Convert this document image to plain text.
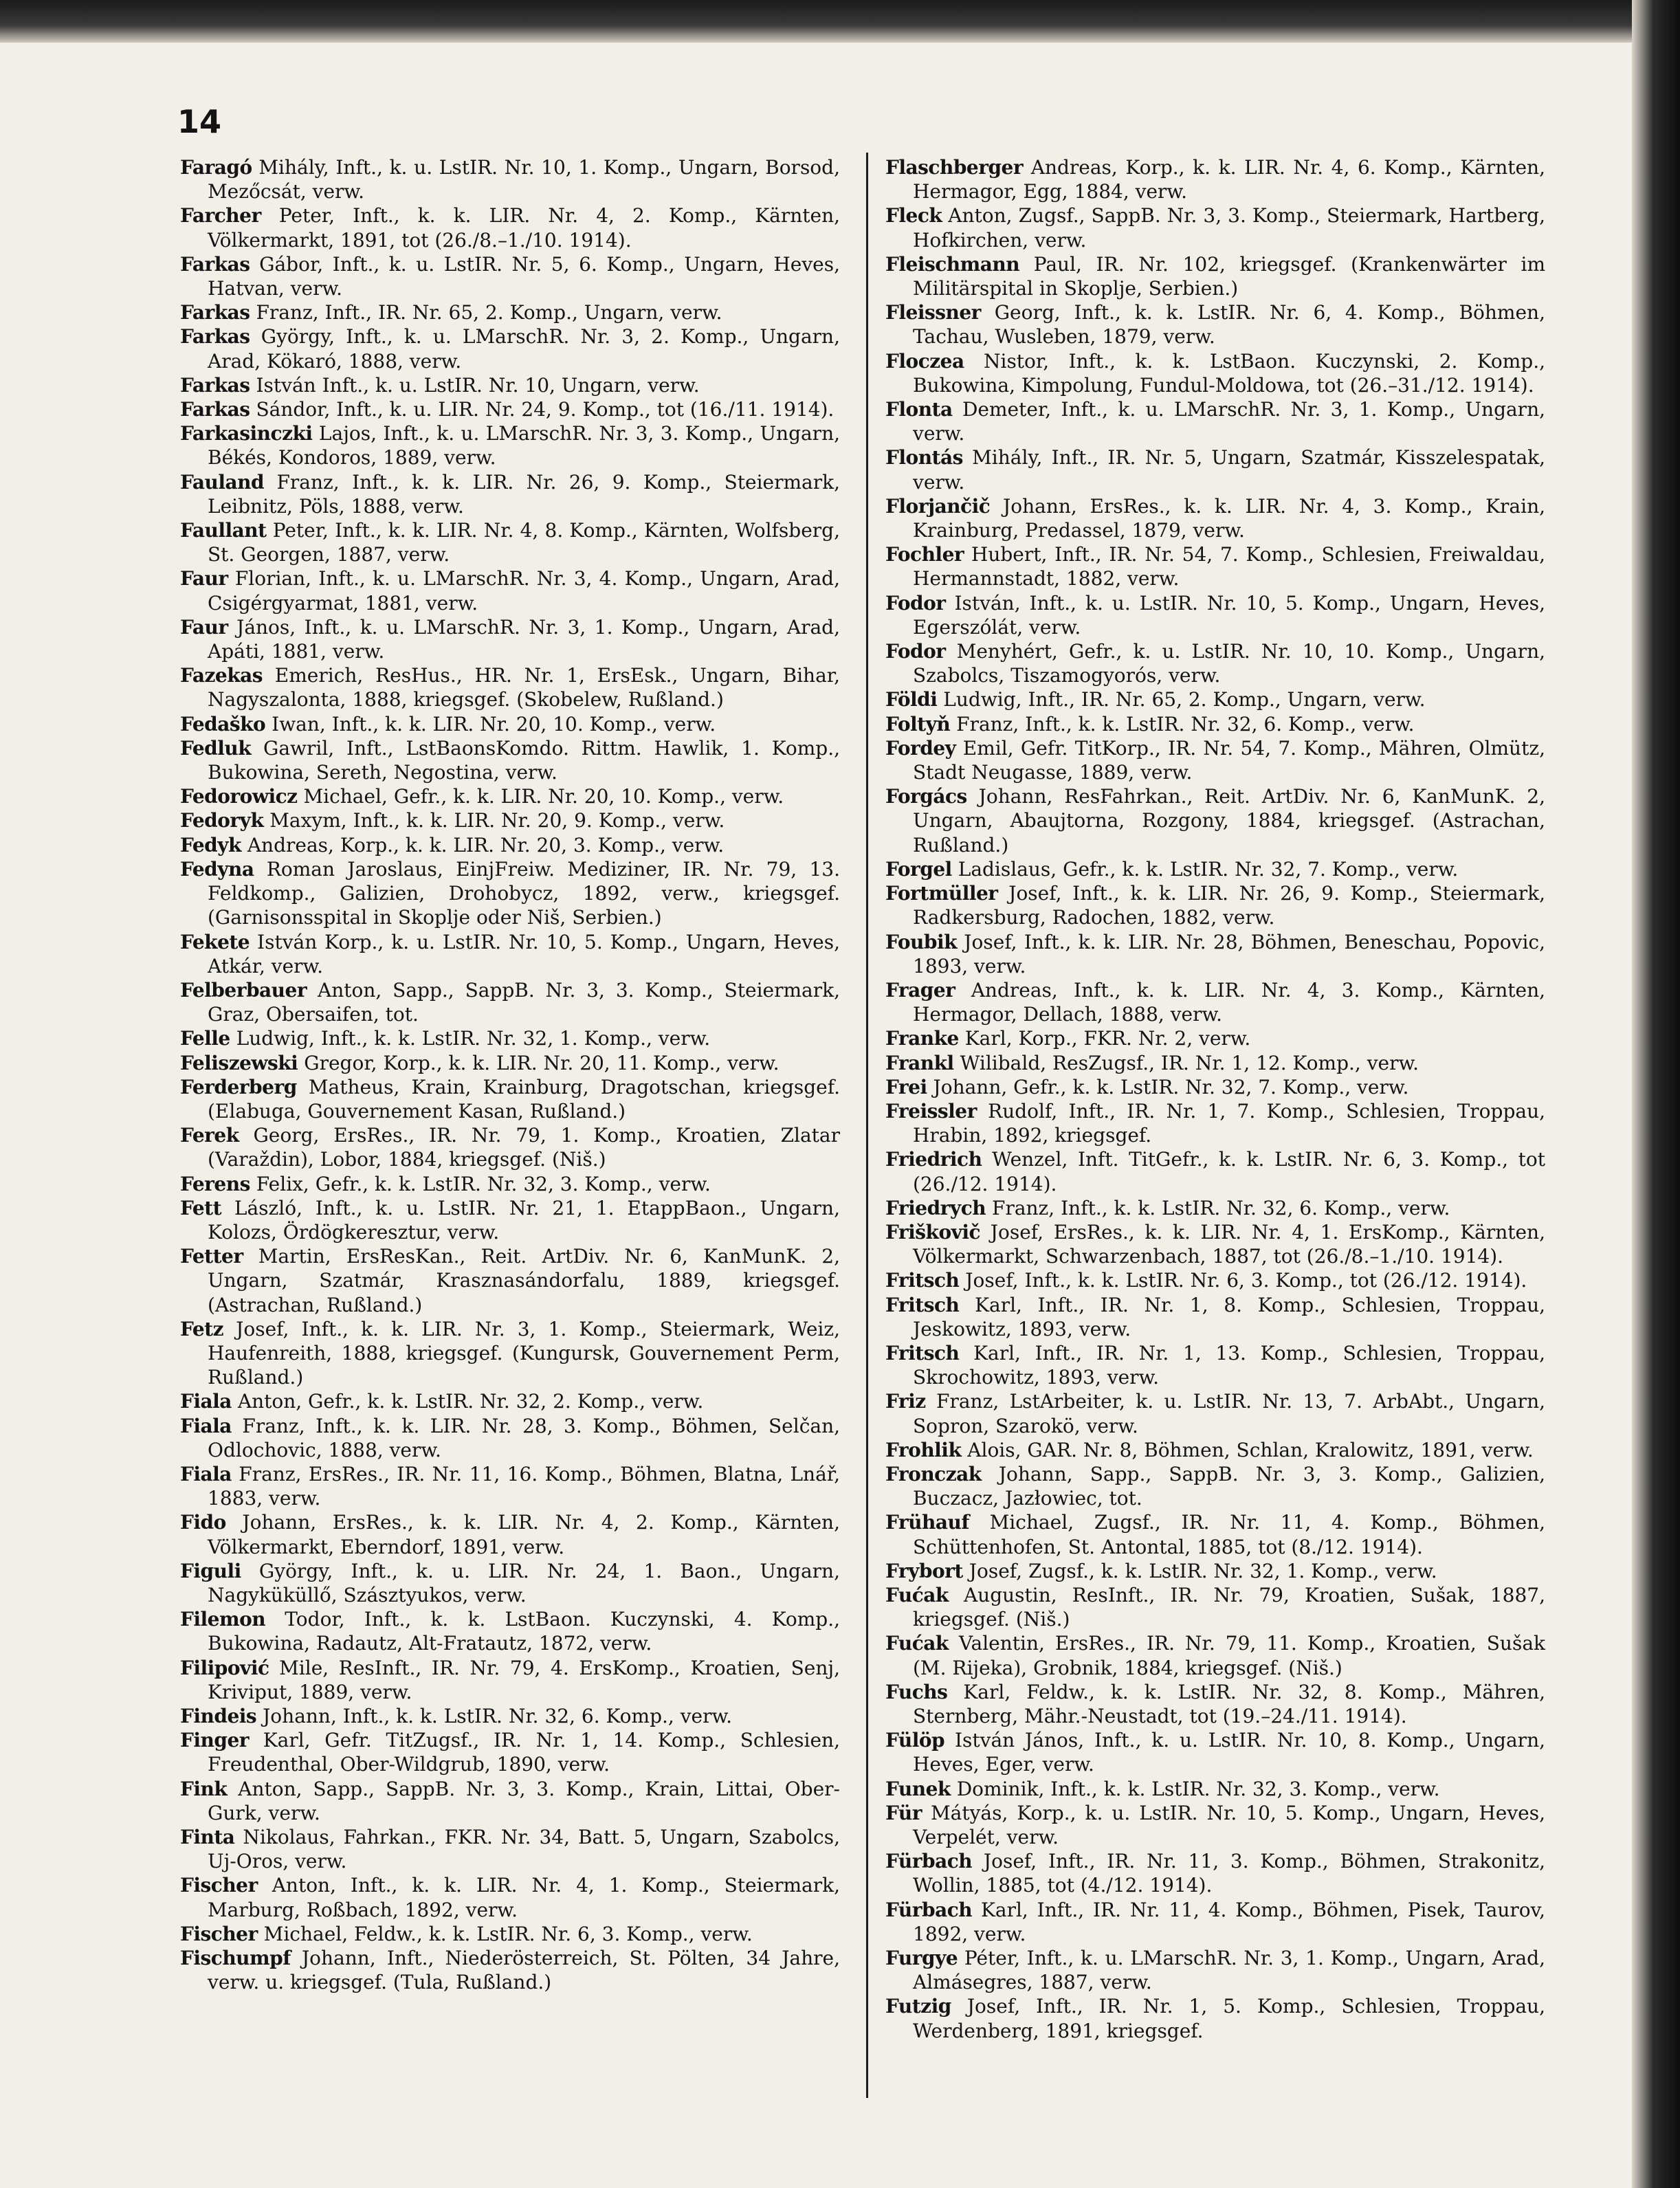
14

Faragó Mihály, Inft., k. u. LstIR. Nr. 10, 1. Komp., Ungarn, Borsod, Mezőcsát, verw.

Farcher Peter, Inft., k. k. LIR. Nr. 4, 2. Komp., Kärnten, Völkermarkt, 1891, tot (26./8.–1./10. 1914).

Farkas Gábor, Inft., k. u. LstIR. Nr. 5, 6. Komp., Ungarn, Heves, Hatvan, verw.

Farkas Franz, Inft., IR. Nr. 65, 2. Komp., Ungarn, verw.

Farkas György, Inft., k. u. LMarschR. Nr. 3, 2. Komp., Ungarn, Arad, Kökaró, 1888, verw.

Farkas István Inft., k. u. LstIR. Nr. 10, Ungarn, verw.

Farkas Sándor, Inft., k. u. LIR. Nr. 24, 9. Komp., tot (16./11. 1914).

Farkasinczki Lajos, Inft., k. u. LMarschR. Nr. 3, 3. Komp., Ungarn, Békés, Kondoros, 1889, verw.

Fauland Franz, Inft., k. k. LIR. Nr. 26, 9. Komp., Steiermark, Leibnitz, Pöls, 1888, verw.

Faullant Peter, Inft., k. k. LIR. Nr. 4, 8. Komp., Kärnten, Wolfsberg, St. Georgen, 1887, verw.

Faur Florian, Inft., k. u. LMarschR. Nr. 3, 4. Komp., Ungarn, Arad, Csigérgyarmat, 1881, verw.

Faur János, Inft., k. u. LMarschR. Nr. 3, 1. Komp., Ungarn, Arad, Apáti, 1881, verw.

Fazekas Emerich, ResHus., HR. Nr. 1, ErsEsk., Ungarn, Bihar, Nagyszalonta, 1888, kriegsgef. (Skobelew, Rußland.)

Fedaško Iwan, Inft., k. k. LIR. Nr. 20, 10. Komp., verw.

Fedluk Gawril, Inft., LstBaonsKomdo. Rittm. Hawlik, 1. Komp., Bukowina, Sereth, Negostina, verw.

Fedorowicz Michael, Gefr., k. k. LIR. Nr. 20, 10. Komp., verw.

Fedoryk Maxym, Inft., k. k. LIR. Nr. 20, 9. Komp., verw.

Fedyk Andreas, Korp., k. k. LIR. Nr. 20, 3. Komp., verw.

Fedyna Roman Jaroslaus, EinjFreiw. Mediziner, IR. Nr. 79, 13. Feldkomp., Galizien, Drohobycz, 1892, verw., kriegsgef. (Garnisonsspital in Skoplje oder Niš, Serbien.)

Fekete István Korp., k. u. LstIR. Nr. 10, 5. Komp., Ungarn, Heves, Atkár, verw.

Felberbauer Anton, Sapp., SappB. Nr. 3, 3. Komp., Steiermark, Graz, Obersaifen, tot.

Felle Ludwig, Inft., k. k. LstIR. Nr. 32, 1. Komp., verw.

Feliszewski Gregor, Korp., k. k. LIR. Nr. 20, 11. Komp., verw.

Ferderberg Matheus, Krain, Krainburg, Dragotschan, kriegsgef. (Elabuga, Gouvernement Kasan, Rußland.)

Ferek Georg, ErsRes., IR. Nr. 79, 1. Komp., Kroatien, Zlatar (Varaždin), Lobor, 1884, kriegsgef. (Niš.)

Ferens Felix, Gefr., k. k. LstIR. Nr. 32, 3. Komp., verw.

Fett László, Inft., k. u. LstIR. Nr. 21, 1. EtappBaon., Ungarn, Kolozs, Ördögkeresztur, verw.

Fetter Martin, ErsResKan., Reit. ArtDiv. Nr. 6, KanMunK. 2, Ungarn, Szatmár, Krasznasándorfalu, 1889, kriegsgef. (Astrachan, Rußland.)

Fetz Josef, Inft., k. k. LIR. Nr. 3, 1. Komp., Steiermark, Weiz, Haufenreith, 1888, kriegsgef. (Kungursk, Gouvernement Perm, Rußland.)

Fiala Anton, Gefr., k. k. LstIR. Nr. 32, 2. Komp., verw.

Fiala Franz, Inft., k. k. LIR. Nr. 28, 3. Komp., Böhmen, Selčan, Odlochovic, 1888, verw.

Fiala Franz, ErsRes., IR. Nr. 11, 16. Komp., Böhmen, Blatna, Lnář, 1883, verw.

Fido Johann, ErsRes., k. k. LIR. Nr. 4, 2. Komp., Kärnten, Völkermarkt, Eberndorf, 1891, verw.

Figuli György, Inft., k. u. LIR. Nr. 24, 1. Baon., Ungarn, Nagyküküllő, Szásztyukos, verw.

Filemon Todor, Inft., k. k. LstBaon. Kuczynski, 4. Komp., Bukowina, Radautz, Alt-Fratautz, 1872, verw.

Filipović Mile, ResInft., IR. Nr. 79, 4. ErsKomp., Kroatien, Senj, Kriviput, 1889, verw.

Findeis Johann, Inft., k. k. LstIR. Nr. 32, 6. Komp., verw.

Finger Karl, Gefr. TitZugsf., IR. Nr. 1, 14. Komp., Schlesien, Freudenthal, Ober-Wildgrub, 1890, verw.

Fink Anton, Sapp., SappB. Nr. 3, 3. Komp., Krain, Littai, Ober-Gurk, verw.

Finta Nikolaus, Fahrkan., FKR. Nr. 34, Batt. 5, Ungarn, Szabolcs, Uj-Oros, verw.

Fischer Anton, Inft., k. k. LIR. Nr. 4, 1. Komp., Steiermark, Marburg, Roßbach, 1892, verw.

Fischer Michael, Feldw., k. k. LstIR. Nr. 6, 3. Komp., verw.

Fischumpf Johann, Inft., Niederösterreich, St. Pölten, 34 Jahre, verw. u. kriegsgef. (Tula, Rußland.)

Flaschberger Andreas, Korp., k. k. LIR. Nr. 4, 6. Komp., Kärnten, Hermagor, Egg, 1884, verw.

Fleck Anton, Zugsf., SappB. Nr. 3, 3. Komp., Steiermark, Hartberg, Hofkirchen, verw.

Fleischmann Paul, IR. Nr. 102, kriegsgef. (Krankenwärter im Militärspital in Skoplje, Serbien.)

Fleissner Georg, Inft., k. k. LstIR. Nr. 6, 4. Komp., Böhmen, Tachau, Wusleben, 1879, verw.

Floczea Nistor, Inft., k. k. LstBaon. Kuczynski, 2. Komp., Bukowina, Kimpolung, Fundul-Moldowa, tot (26.–31./12. 1914).

Flonta Demeter, Inft., k. u. LMarschR. Nr. 3, 1. Komp., Ungarn, verw.

Flontás Mihály, Inft., IR. Nr. 5, Ungarn, Szatmár, Kisszelespatak, verw.

Florjančič Johann, ErsRes., k. k. LIR. Nr. 4, 3. Komp., Krain, Krainburg, Predassel, 1879, verw.

Fochler Hubert, Inft., IR. Nr. 54, 7. Komp., Schlesien, Freiwaldau, Hermannstadt, 1882, verw.

Fodor István, Inft., k. u. LstIR. Nr. 10, 5. Komp., Ungarn, Heves, Egerszólát, verw.

Fodor Menyhért, Gefr., k. u. LstIR. Nr. 10, 10. Komp., Ungarn, Szabolcs, Tiszamogyorós, verw.

Földi Ludwig, Inft., IR. Nr. 65, 2. Komp., Ungarn, verw.

Foltyň Franz, Inft., k. k. LstIR. Nr. 32, 6. Komp., verw.

Fordey Emil, Gefr. TitKorp., IR. Nr. 54, 7. Komp., Mähren, Olmütz, Stadt Neugasse, 1889, verw.

Forgács Johann, ResFahrkan., Reit. ArtDiv. Nr. 6, KanMunK. 2, Ungarn, Abaujtorna, Rozgony, 1884, kriegsgef. (Astrachan, Rußland.)

Forgel Ladislaus, Gefr., k. k. LstIR. Nr. 32, 7. Komp., verw.

Fortmüller Josef, Inft., k. k. LIR. Nr. 26, 9. Komp., Steiermark, Radkersburg, Radochen, 1882, verw.

Foubik Josef, Inft., k. k. LIR. Nr. 28, Böhmen, Beneschau, Popovic, 1893, verw.

Frager Andreas, Inft., k. k. LIR. Nr. 4, 3. Komp., Kärnten, Hermagor, Dellach, 1888, verw.

Franke Karl, Korp., FKR. Nr. 2, verw.

Frankl Wilibald, ResZugsf., IR. Nr. 1, 12. Komp., verw.

Frei Johann, Gefr., k. k. LstIR. Nr. 32, 7. Komp., verw.

Freissler Rudolf, Inft., IR. Nr. 1, 7. Komp., Schlesien, Troppau, Hrabin, 1892, kriegsgef.

Friedrich Wenzel, Inft. TitGefr., k. k. LstIR. Nr. 6, 3. Komp., tot (26./12. 1914).

Friedrych Franz, Inft., k. k. LstIR. Nr. 32, 6. Komp., verw.

Friškovič Josef, ErsRes., k. k. LIR. Nr. 4, 1. ErsKomp., Kärnten, Völkermarkt, Schwarzenbach, 1887, tot (26./8.–1./10. 1914).

Fritsch Josef, Inft., k. k. LstIR. Nr. 6, 3. Komp., tot (26./12. 1914).

Fritsch Karl, Inft., IR. Nr. 1, 8. Komp., Schlesien, Troppau, Jeskowitz, 1893, verw.

Fritsch Karl, Inft., IR. Nr. 1, 13. Komp., Schlesien, Troppau, Skrochowitz, 1893, verw.

Friz Franz, LstArbeiter, k. u. LstIR. Nr. 13, 7. ArbAbt., Ungarn, Sopron, Szarokö, verw.

Frohlik Alois, GAR. Nr. 8, Böhmen, Schlan, Kralowitz, 1891, verw.

Fronczak Johann, Sapp., SappB. Nr. 3, 3. Komp., Galizien, Buczacz, Jazłowiec, tot.

Frühauf Michael, Zugsf., IR. Nr. 11, 4. Komp., Böhmen, Schüttenhofen, St. Antontal, 1885, tot (8./12. 1914).

Frybort Josef, Zugsf., k. k. LstIR. Nr. 32, 1. Komp., verw.

Fućak Augustin, ResInft., IR. Nr. 79, Kroatien, Sušak, 1887, kriegsgef. (Niš.)

Fućak Valentin, ErsRes., IR. Nr. 79, 11. Komp., Kroatien, Sušak (M. Rijeka), Grobnik, 1884, kriegsgef. (Niš.)

Fuchs Karl, Feldw., k. k. LstIR. Nr. 32, 8. Komp., Mähren, Sternberg, Mähr.-Neustadt, tot (19.–24./11. 1914).

Fülöp István János, Inft., k. u. LstIR. Nr. 10, 8. Komp., Ungarn, Heves, Eger, verw.

Funek Dominik, Inft., k. k. LstIR. Nr. 32, 3. Komp., verw.

Für Mátyás, Korp., k. u. LstIR. Nr. 10, 5. Komp., Ungarn, Heves, Verpelét, verw.

Fürbach Josef, Inft., IR. Nr. 11, 3. Komp., Böhmen, Strakonitz, Wollin, 1885, tot (4./12. 1914).

Fürbach Karl, Inft., IR. Nr. 11, 4. Komp., Böhmen, Pisek, Taurov, 1892, verw.

Furgye Péter, Inft., k. u. LMarschR. Nr. 3, 1. Komp., Ungarn, Arad, Almásegres, 1887, verw.

Futzig Josef, Inft., IR. Nr. 1, 5. Komp., Schlesien, Troppau, Werdenberg, 1891, kriegsgef.
